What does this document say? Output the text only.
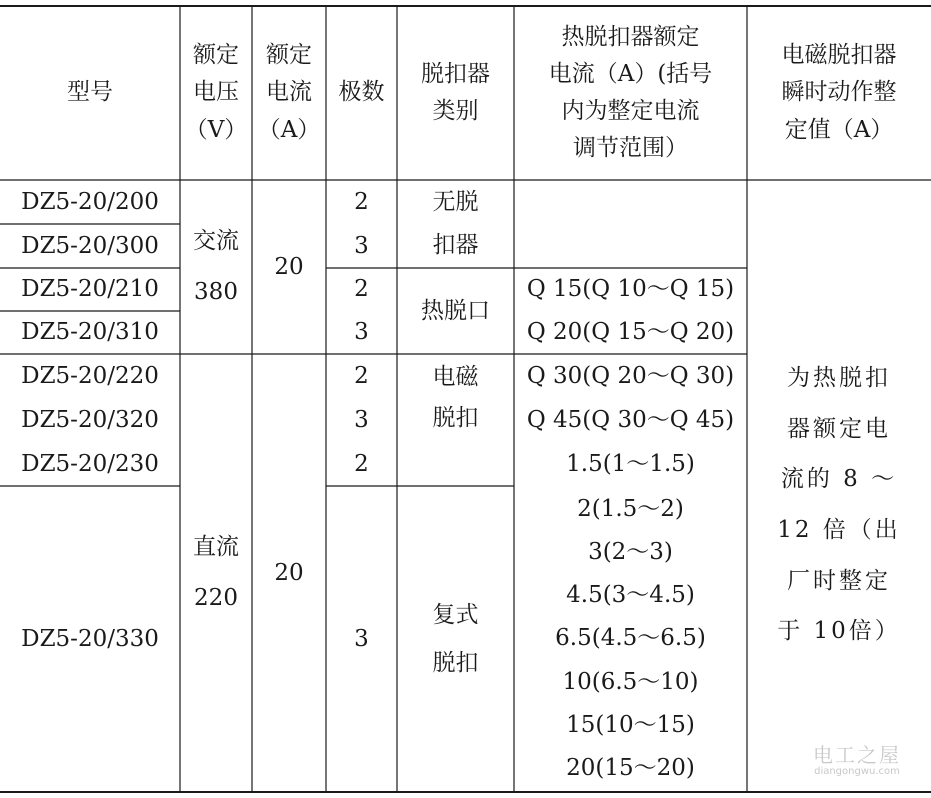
型号
额定
电压
（V）
额定
电流
（A）
极数
脱扣器
类别
热脱扣器额定
电流（A）(括号
内为整定电流
调节范围）
电磁脱扣器
瞬时动作整
定值（A）
DZ5-20/200
DZ5-20/300
DZ5-20/210
DZ5-20/310
DZ5-20/220
DZ5-20/320
DZ5-20/230
DZ5-20/330
交流
380
直流
220
20
20
2
3
2
3
2
3
2
3
无脱
扣器
热脱口
电磁
脱扣
复式
脱扣
Q 15(Q 10～Q 15)
Q 20(Q 15～Q 20)
Q 30(Q 20～Q 30)
Q 45(Q 30～Q 45)
1.5(1～1.5)
2(1.5～2)
3(2～3)
4.5(3～4.5)
6.5(4.5～6.5)
10(6.5～10)
15(10～15)
20(15～20)
为热脱扣
器额定电
流的 8 ～
12 倍（出
厂时整定
于 10倍）
电工之屋
diangongwu.com
